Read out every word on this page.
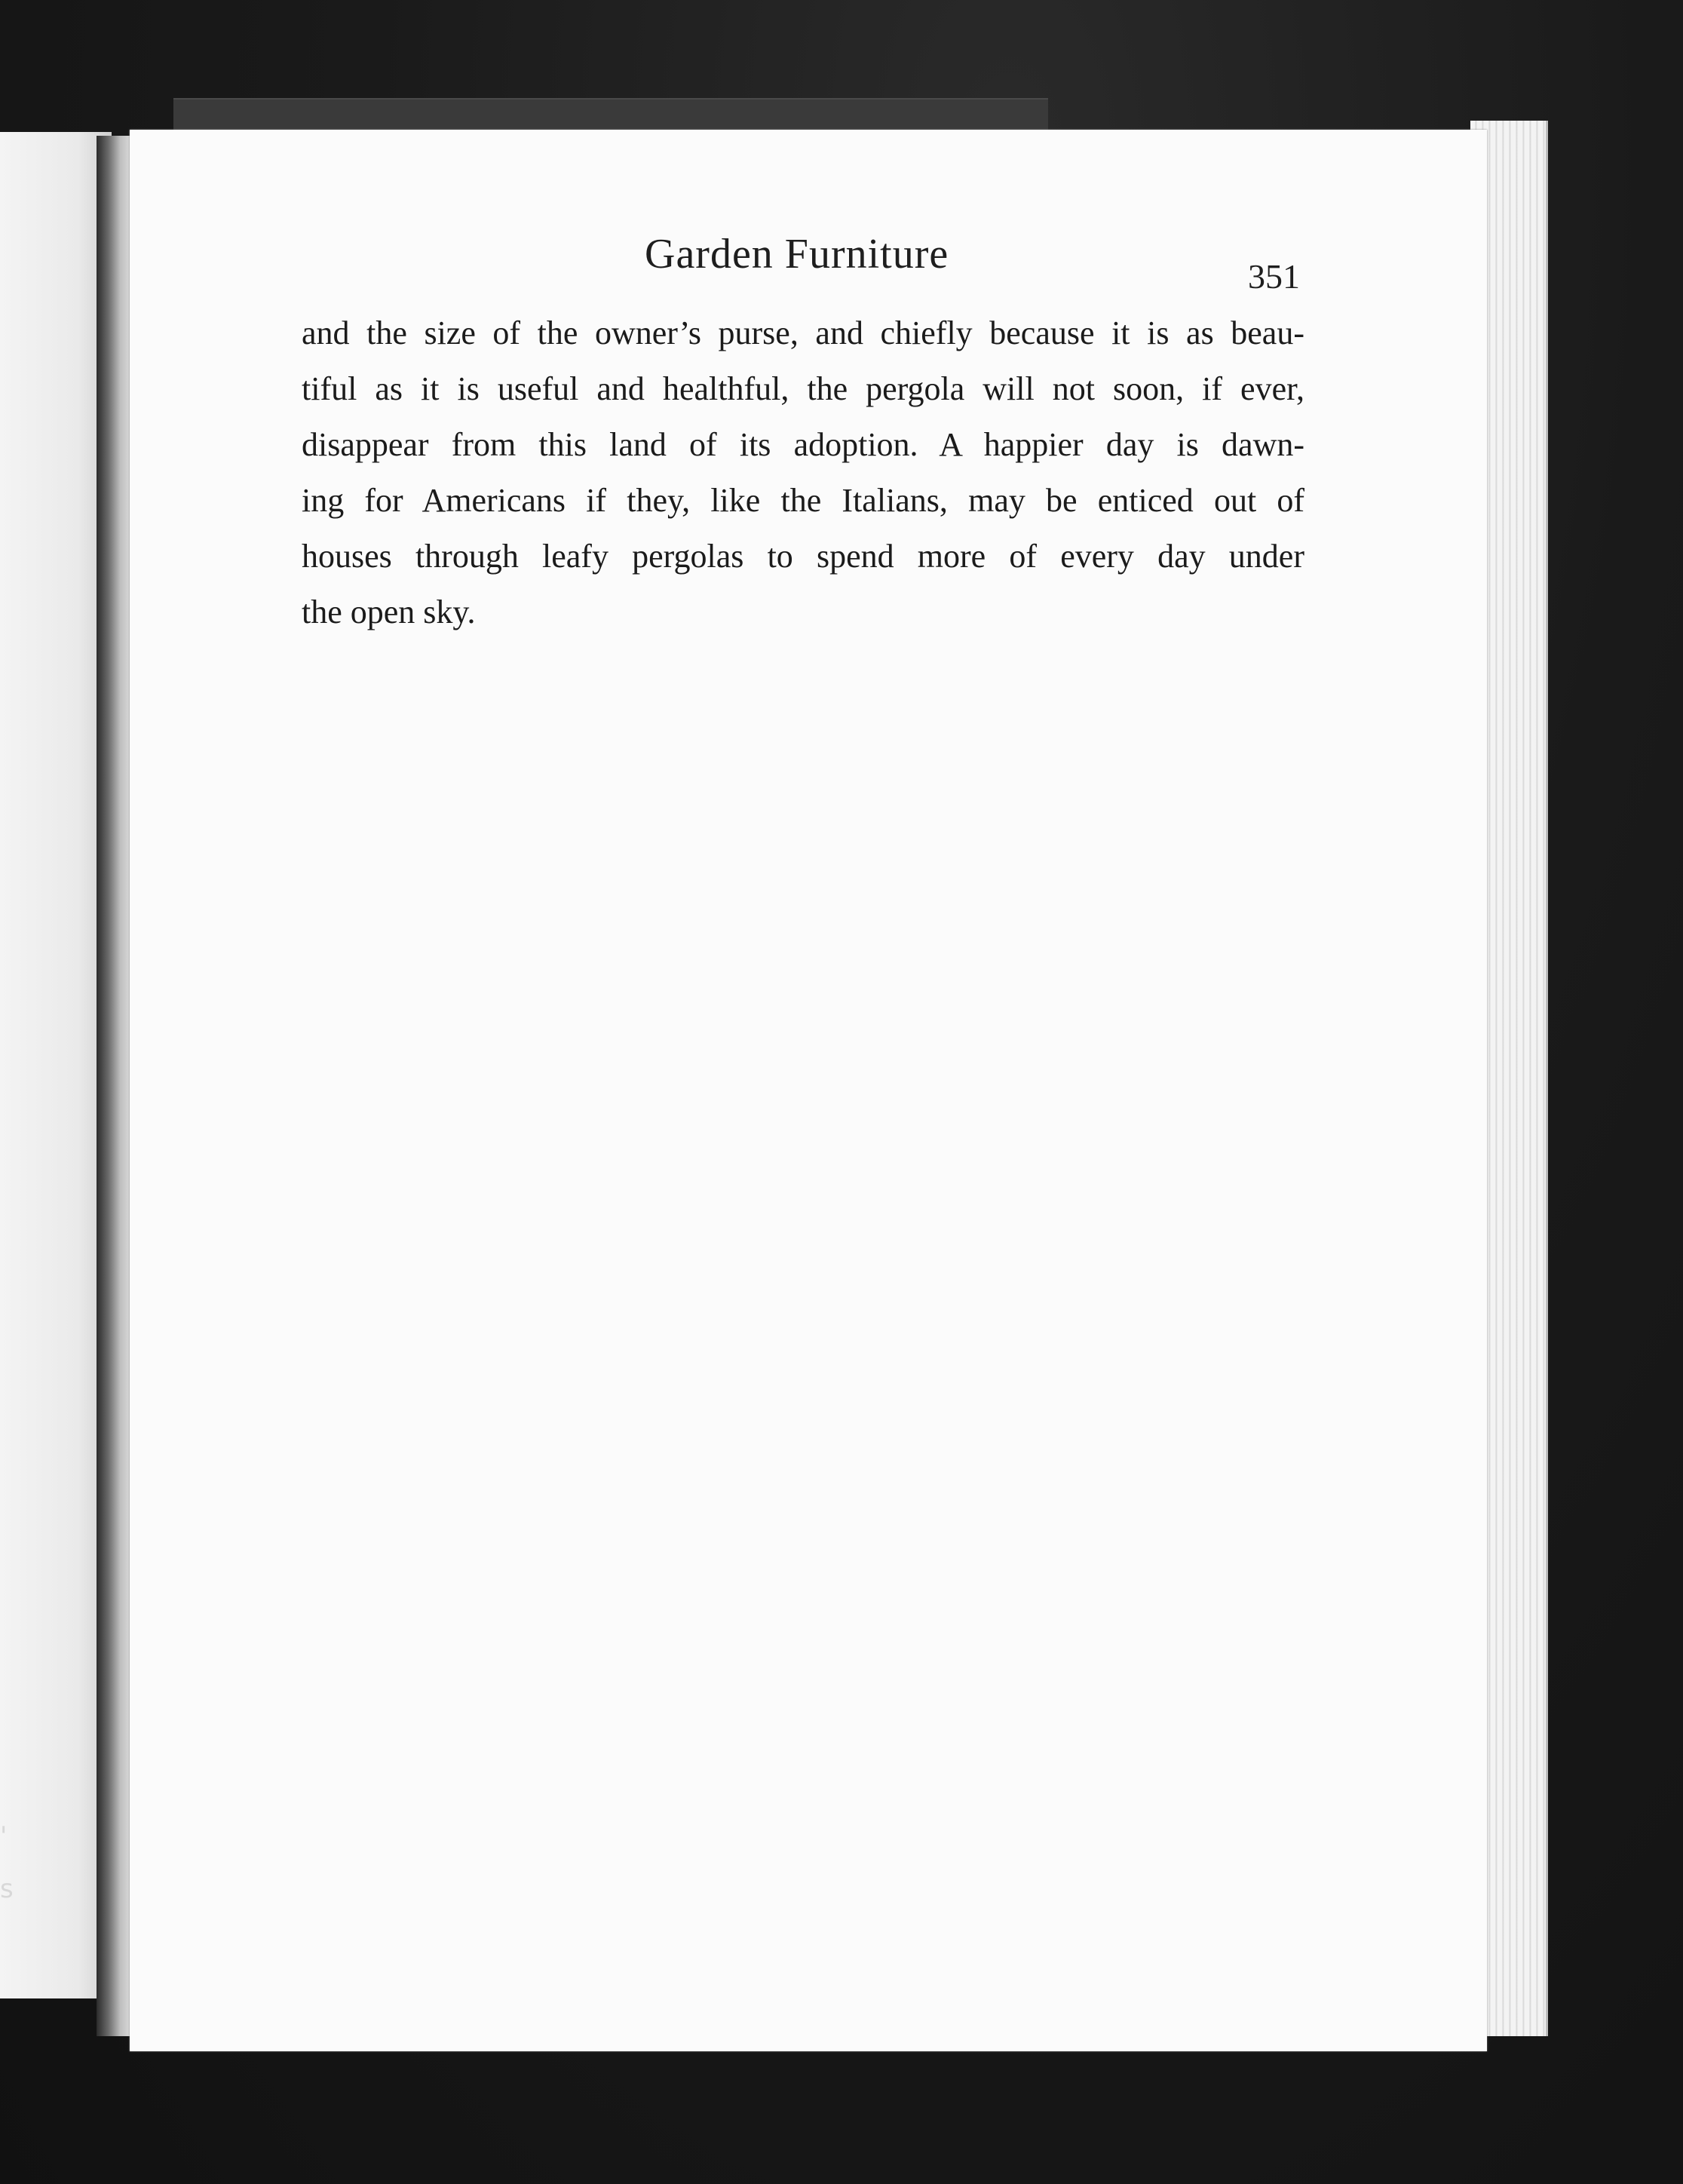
'
s
Garden Furniture	351
and the size of the owner’s purse, and chiefly because it is as beau-
tiful as it is useful and healthful, the pergola will not soon, if ever,
disappear from this land of its adoption. A happier day is dawn-
ing for Americans if they, like the Italians, may be enticed out of
houses through leafy pergolas to spend more of every day under
the open sky.
